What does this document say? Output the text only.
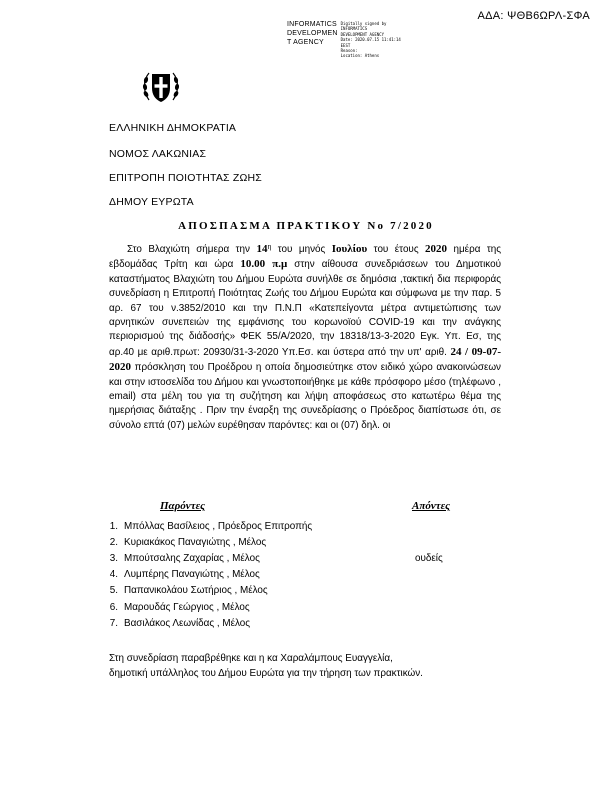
ΑΔΑ: ΨΘΒ6ΩΡΛ-ΣΦΑ
INFORMATICS
DEVELOPMEN
T AGENCY
Digitally signed by
INFORMATICS
DEVELOPMENT AGENCY
Date: 2020.07.15 11:41:14
EEST
Reason:
Location: Athens
ΕΛΛΗΝΙΚΗ ΔΗΜΟΚΡΑΤΙΑ
ΝΟΜΟΣ ΛΑΚΩΝΙΑΣ
ΕΠΙΤΡΟΠΗ ΠΟΙΟΤΗΤΑΣ ΖΩΗΣ
ΔΗΜΟΥ ΕΥΡΩΤΑ
ΑΠΟΣΠΑΣΜΑ ΠΡΑΚΤΙΚΟΥ Νο 7/2020

Στο Βλαχιώτη σήμερα την $14^\eta$ του μηνός Ιουλίου του έτους 2020 ημέρα της εβδομάδας Τρίτη και ώρα 10.00 π.μ στην αίθουσα συνεδριάσεων του Δημοτικού καταστήματος Βλαχιώτη του Δήμου Ευρώτα συνήλθε σε δημόσια ,τακτική δια περιφοράς συνεδρίαση η Επιτροπή Ποιότητας Ζωής του Δήμου Ευρώτα και σύμφωνα με την παρ. 5 αρ. 67 του ν.3852/2010 και την Π.Ν.Π «Κατεπείγοντα μέτρα αντιμετώπισης των αρνητικών συνεπειών της εμφάνισης του κορωνοϊού COVID-19 και την ανάγκης περιορισμού της διάδοσής» ΦΕΚ 55/Α/2020, την 18318/13-3-2020 Εγκ. Υπ. Εσ, της αρ.40 με αριθ.πρωτ: 20930/31-3-2020 Υπ.Εσ. και ύστερα από την υπ' αριθ. 24 / 09-07-2020 πρόσκληση του Προέδρου η οποία δημοσιεύτηκε στον ειδικό χώρο ανακοινώσεων και στην ιστοσελίδα του Δήμου και γνωστοποιήθηκε με κάθε πρόσφορο μέσο (τηλέφωνο , email) στα μέλη του για τη συζήτηση και λήψη αποφάσεως στο κατωτέρω θέμα της ημερήσιας διάταξης . Πριν την έναρξη της συνεδρίασης ο Πρόεδρος διαπίστωσε ότι, σε σύνολο επτά (07) μελών ευρέθησαν παρόντες: και οι (07) δηλ. οι

Παρόντες	Απόντες
1. Μπόλλας Βασίλειος , Πρόεδρος Επιτροπής
2. Κυριακάκος Παναγιώτης , Μέλος
3. Μπούτσαλης Ζαχαρίας , Μέλος
4. Λυμπέρης Παναγιώτης , Μέλος
5. Παπανικολάου Σωτήριος , Μέλος
6. Μαρουδάς Γεώργιος , Μέλος
7. Βασιλάκος Λεωνίδας , Μέλος
ουδείς
Στη συνεδρίαση παραβρέθηκε και η κα Χαραλάμπους Ευαγγελία,
δημοτική υπάλληλος του Δήμου Ευρώτα για την τήρηση των πρακτικών.
